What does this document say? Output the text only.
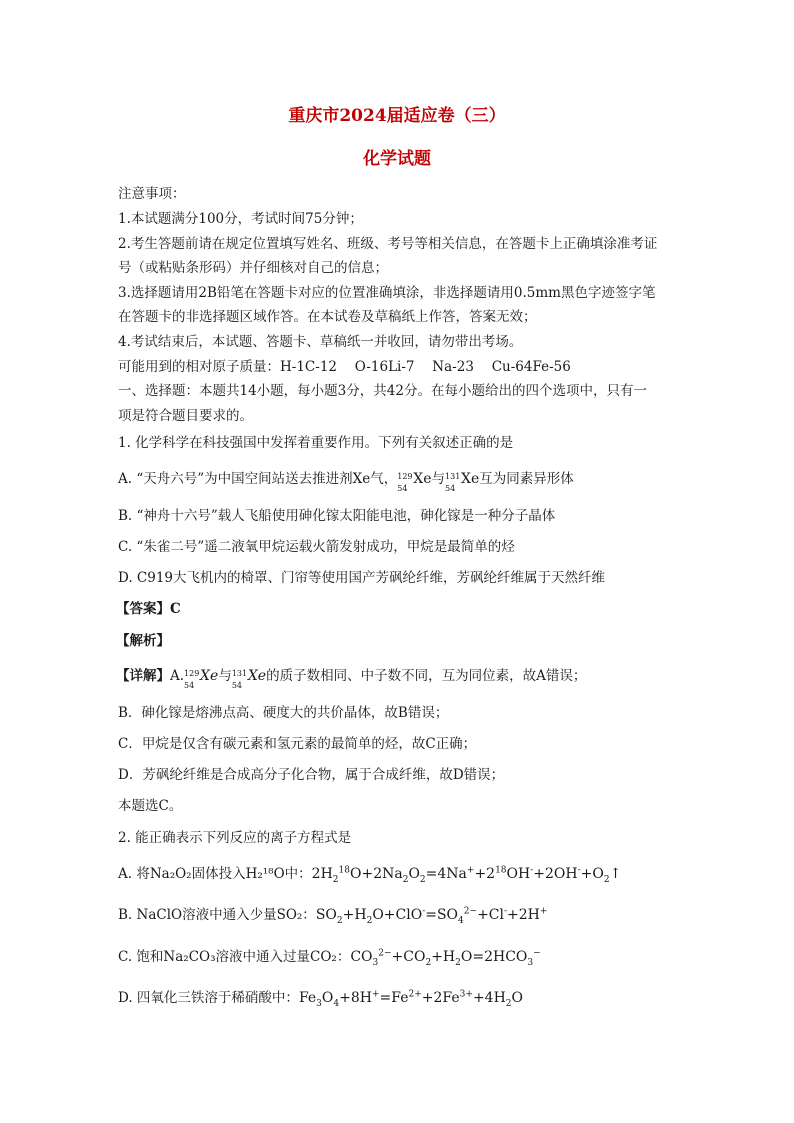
重庆市2024届适应卷（三）
化学试题
注意事项：
1.本试题满分100分，考试时间75分钟；
2.考生答题前请在规定位置填写姓名、班级、考号等相关信息，在答题卡上正确填涂准考证
号（或粘贴条形码）并仔细核对自己的信息；
3.选择题请用2B铅笔在答题卡对应的位置准确填涂，非选择题请用0.5mm黑色字迹签字笔
在答题卡的非选择题区域作答。在本试卷及草稿纸上作答，答案无效；
4.考试结束后，本试题、答题卡、草稿纸一并收回，请勿带出考场。
可能用到的相对原子质量：H-1C-12　 O-16Li-7　 Na-23　 Cu-64Fe-56
一、选择题：本题共14小题，每小题3分，共42分。在每小题给出的四个选项中，只有一
项是符合题目要求的。
1. 化学科学在科技强国中发挥着重要作用。下列有关叙述正确的是
A. “天舟六号”为中国空间站送去推进剂Xe气， 129
54
Xe与 131
54
Xe互为同素异形体
B. “神舟十六号”载人飞船使用砷化镓太阳能电池，砷化镓是一种分子晶体
C. “朱雀二号”遥二液氧甲烷运载火箭发射成功，甲烷是最简单的烃
D. C919大飞机内的椅罩、门帘等使用国产芳砜纶纤维，芳砜纶纤维属于天然纤维
【答案】C
【解析】
【详解】A. 129
54
Xe与 131
54
Xe的质子数相同、中子数不同，互为同位素，故A错误；
B．砷化镓是熔沸点高、硬度大的共价晶体，故B错误；
C．甲烷是仅含有碳元素和氢元素的最简单的烃，故C正确；
D．芳砜纶纤维是合成高分子化合物，属于合成纤维，故D错误；
本题选C。
2. 能正确表示下列反应的离子方程式是
A. 将Na₂O₂固体投入H₂¹⁸O中：$2H_2^{18}O+2Na_2O_2=4Na^++2^{18}OH^-+2OH^-+O_2↑$
B. NaClO溶液中通入少量SO₂：$SO_2+H_2O+ClO^-=SO_4^{2-}+Cl^-+2H^+$
C. 饱和Na₂CO₃溶液中通入过量CO₂：$CO_3^{2-}+CO_2+H_2O=2HCO_3^-$
D. 四氧化三铁溶于稀硝酸中：$Fe_3O_4+8H^+=Fe^{2+}+2Fe^{3+}+4H_2O$
